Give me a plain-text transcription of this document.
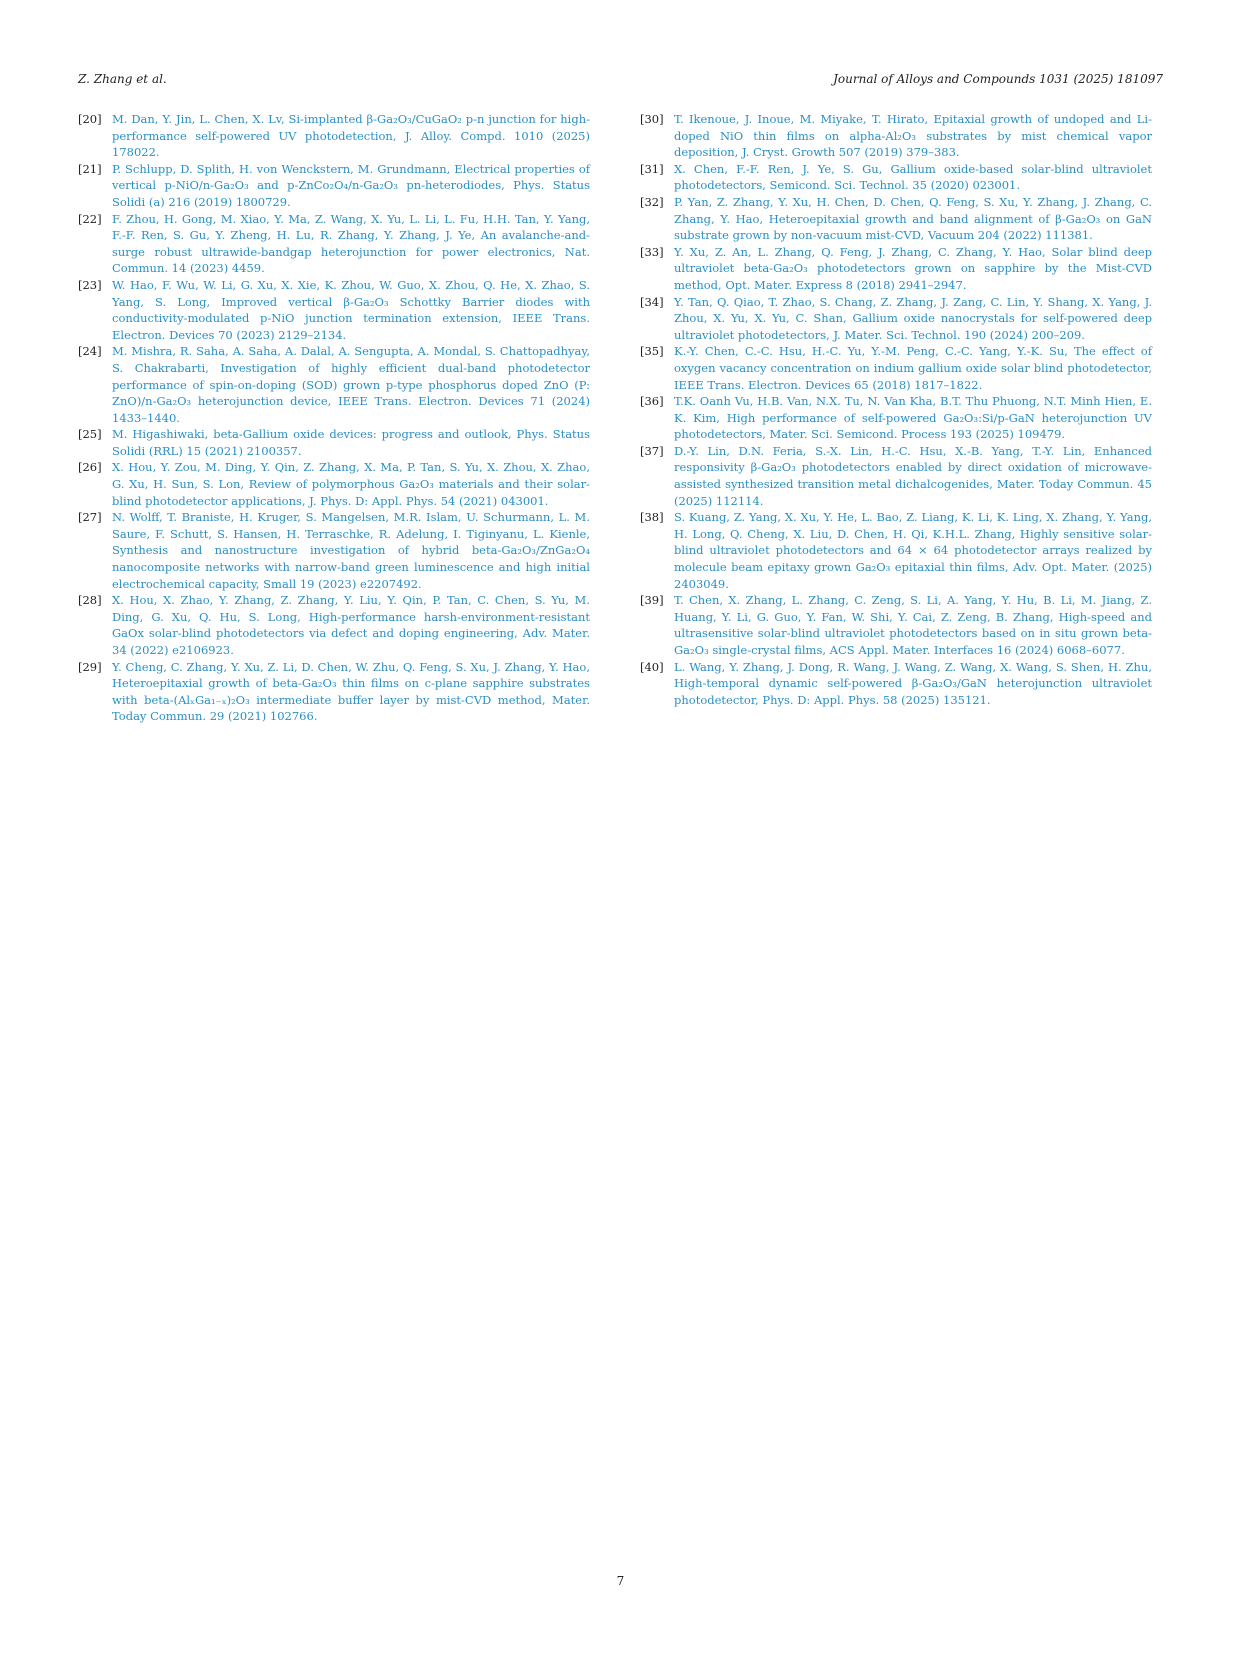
Z. Zhang et al.	Journal of Alloys and Compounds 1031 (2025) 181097
[20] M. Dan, Y. Jin, L. Chen, X. Lv, Si-implanted β-Ga₂O₃/CuGaO₂ p-n junction for high-performance self-powered UV photodetection, J. Alloy. Compd. 1010 (2025) 178022.
[21] P. Schlupp, D. Splith, H. von Wenckstern, M. Grundmann, Electrical properties of vertical p-NiO/n-Ga₂O₃ and p-ZnCo₂O₄/n-Ga₂O₃ pn-heterodiodes, Phys. Status Solidi (a) 216 (2019) 1800729.
[22] F. Zhou, H. Gong, M. Xiao, Y. Ma, Z. Wang, X. Yu, L. Li, L. Fu, H.H. Tan, Y. Yang, F.-F. Ren, S. Gu, Y. Zheng, H. Lu, R. Zhang, Y. Zhang, J. Ye, An avalanche-and-surge robust ultrawide-bandgap heterojunction for power electronics, Nat. Commun. 14 (2023) 4459.
[23] W. Hao, F. Wu, W. Li, G. Xu, X. Xie, K. Zhou, W. Guo, X. Zhou, Q. He, X. Zhao, S. Yang, S. Long, Improved vertical β-Ga₂O₃ Schottky Barrier diodes with conductivity-modulated p-NiO junction termination extension, IEEE Trans. Electron. Devices 70 (2023) 2129–2134.
[24] M. Mishra, R. Saha, A. Saha, A. Dalal, A. Sengupta, A. Mondal, S. Chattopadhyay, S. Chakrabarti, Investigation of highly efficient dual-band photodetector performance of spin-on-doping (SOD) grown p-type phosphorus doped ZnO (P: ZnO)/n-Ga₂O₃ heterojunction device, IEEE Trans. Electron. Devices 71 (2024) 1433–1440.
[25] M. Higashiwaki, beta-Gallium oxide devices: progress and outlook, Phys. Status Solidi (RRL) 15 (2021) 2100357.
[26] X. Hou, Y. Zou, M. Ding, Y. Qin, Z. Zhang, X. Ma, P. Tan, S. Yu, X. Zhou, X. Zhao, G. Xu, H. Sun, S. Lon, Review of polymorphous Ga₂O₃ materials and their solar-blind photodetector applications, J. Phys. D: Appl. Phys. 54 (2021) 043001.
[27] N. Wolff, T. Braniste, H. Kruger, S. Mangelsen, M.R. Islam, U. Schurmann, L. M. Saure, F. Schutt, S. Hansen, H. Terraschke, R. Adelung, I. Tiginyanu, L. Kienle, Synthesis and nanostructure investigation of hybrid beta-Ga₂O₃/ZnGa₂O₄ nanocomposite networks with narrow-band green luminescence and high initial electrochemical capacity, Small 19 (2023) e2207492.
[28] X. Hou, X. Zhao, Y. Zhang, Z. Zhang, Y. Liu, Y. Qin, P. Tan, C. Chen, S. Yu, M. Ding, G. Xu, Q. Hu, S. Long, High-performance harsh-environment-resistant GaOx solar-blind photodetectors via defect and doping engineering, Adv. Mater. 34 (2022) e2106923.
[29] Y. Cheng, C. Zhang, Y. Xu, Z. Li, D. Chen, W. Zhu, Q. Feng, S. Xu, J. Zhang, Y. Hao, Heteroepitaxial growth of beta-Ga₂O₃ thin films on c-plane sapphire substrates with beta-(AlₓGa₁₋ₓ)₂O₃ intermediate buffer layer by mist-CVD method, Mater. Today Commun. 29 (2021) 102766.
[30] T. Ikenoue, J. Inoue, M. Miyake, T. Hirato, Epitaxial growth of undoped and Li-doped NiO thin films on alpha-Al₂O₃ substrates by mist chemical vapor deposition, J. Cryst. Growth 507 (2019) 379–383.
[31] X. Chen, F.-F. Ren, J. Ye, S. Gu, Gallium oxide-based solar-blind ultraviolet photodetectors, Semicond. Sci. Technol. 35 (2020) 023001.
[32] P. Yan, Z. Zhang, Y. Xu, H. Chen, D. Chen, Q. Feng, S. Xu, Y. Zhang, J. Zhang, C. Zhang, Y. Hao, Heteroepitaxial growth and band alignment of β-Ga₂O₃ on GaN substrate grown by non-vacuum mist-CVD, Vacuum 204 (2022) 111381.
[33] Y. Xu, Z. An, L. Zhang, Q. Feng, J. Zhang, C. Zhang, Y. Hao, Solar blind deep ultraviolet beta-Ga₂O₃ photodetectors grown on sapphire by the Mist-CVD method, Opt. Mater. Express 8 (2018) 2941–2947.
[34] Y. Tan, Q. Qiao, T. Zhao, S. Chang, Z. Zhang, J. Zang, C. Lin, Y. Shang, X. Yang, J. Zhou, X. Yu, X. Yu, C. Shan, Gallium oxide nanocrystals for self-powered deep ultraviolet photodetectors, J. Mater. Sci. Technol. 190 (2024) 200–209.
[35] K.-Y. Chen, C.-C. Hsu, H.-C. Yu, Y.-M. Peng, C.-C. Yang, Y.-K. Su, The effect of oxygen vacancy concentration on indium gallium oxide solar blind photodetector, IEEE Trans. Electron. Devices 65 (2018) 1817–1822.
[36] T.K. Oanh Vu, H.B. Van, N.X. Tu, N. Van Kha, B.T. Thu Phuong, N.T. Minh Hien, E. K. Kim, High performance of self-powered Ga₂O₃:Si/p-GaN heterojunction UV photodetectors, Mater. Sci. Semicond. Process 193 (2025) 109479.
[37] D.-Y. Lin, D.N. Feria, S.-X. Lin, H.-C. Hsu, X.-B. Yang, T.-Y. Lin, Enhanced responsivity β-Ga₂O₃ photodetectors enabled by direct oxidation of microwave-assisted synthesized transition metal dichalcogenides, Mater. Today Commun. 45 (2025) 112114.
[38] S. Kuang, Z. Yang, X. Xu, Y. He, L. Bao, Z. Liang, K. Li, K. Ling, X. Zhang, Y. Yang, H. Long, Q. Cheng, X. Liu, D. Chen, H. Qi, K.H.L. Zhang, Highly sensitive solar-blind ultraviolet photodetectors and 64 × 64 photodetector arrays realized by molecule beam epitaxy grown Ga₂O₃ epitaxial thin films, Adv. Opt. Mater. (2025) 2403049.
[39] T. Chen, X. Zhang, L. Zhang, C. Zeng, S. Li, A. Yang, Y. Hu, B. Li, M. Jiang, Z. Huang, Y. Li, G. Guo, Y. Fan, W. Shi, Y. Cai, Z. Zeng, B. Zhang, High-speed and ultrasensitive solar-blind ultraviolet photodetectors based on in situ grown beta-Ga₂O₃ single-crystal films, ACS Appl. Mater. Interfaces 16 (2024) 6068–6077.
[40] L. Wang, Y. Zhang, J. Dong, R. Wang, J. Wang, Z. Wang, X. Wang, S. Shen, H. Zhu, High-temporal dynamic self-powered β-Ga₂O₃/GaN heterojunction ultraviolet photodetector, Phys. D: Appl. Phys. 58 (2025) 135121.
7
